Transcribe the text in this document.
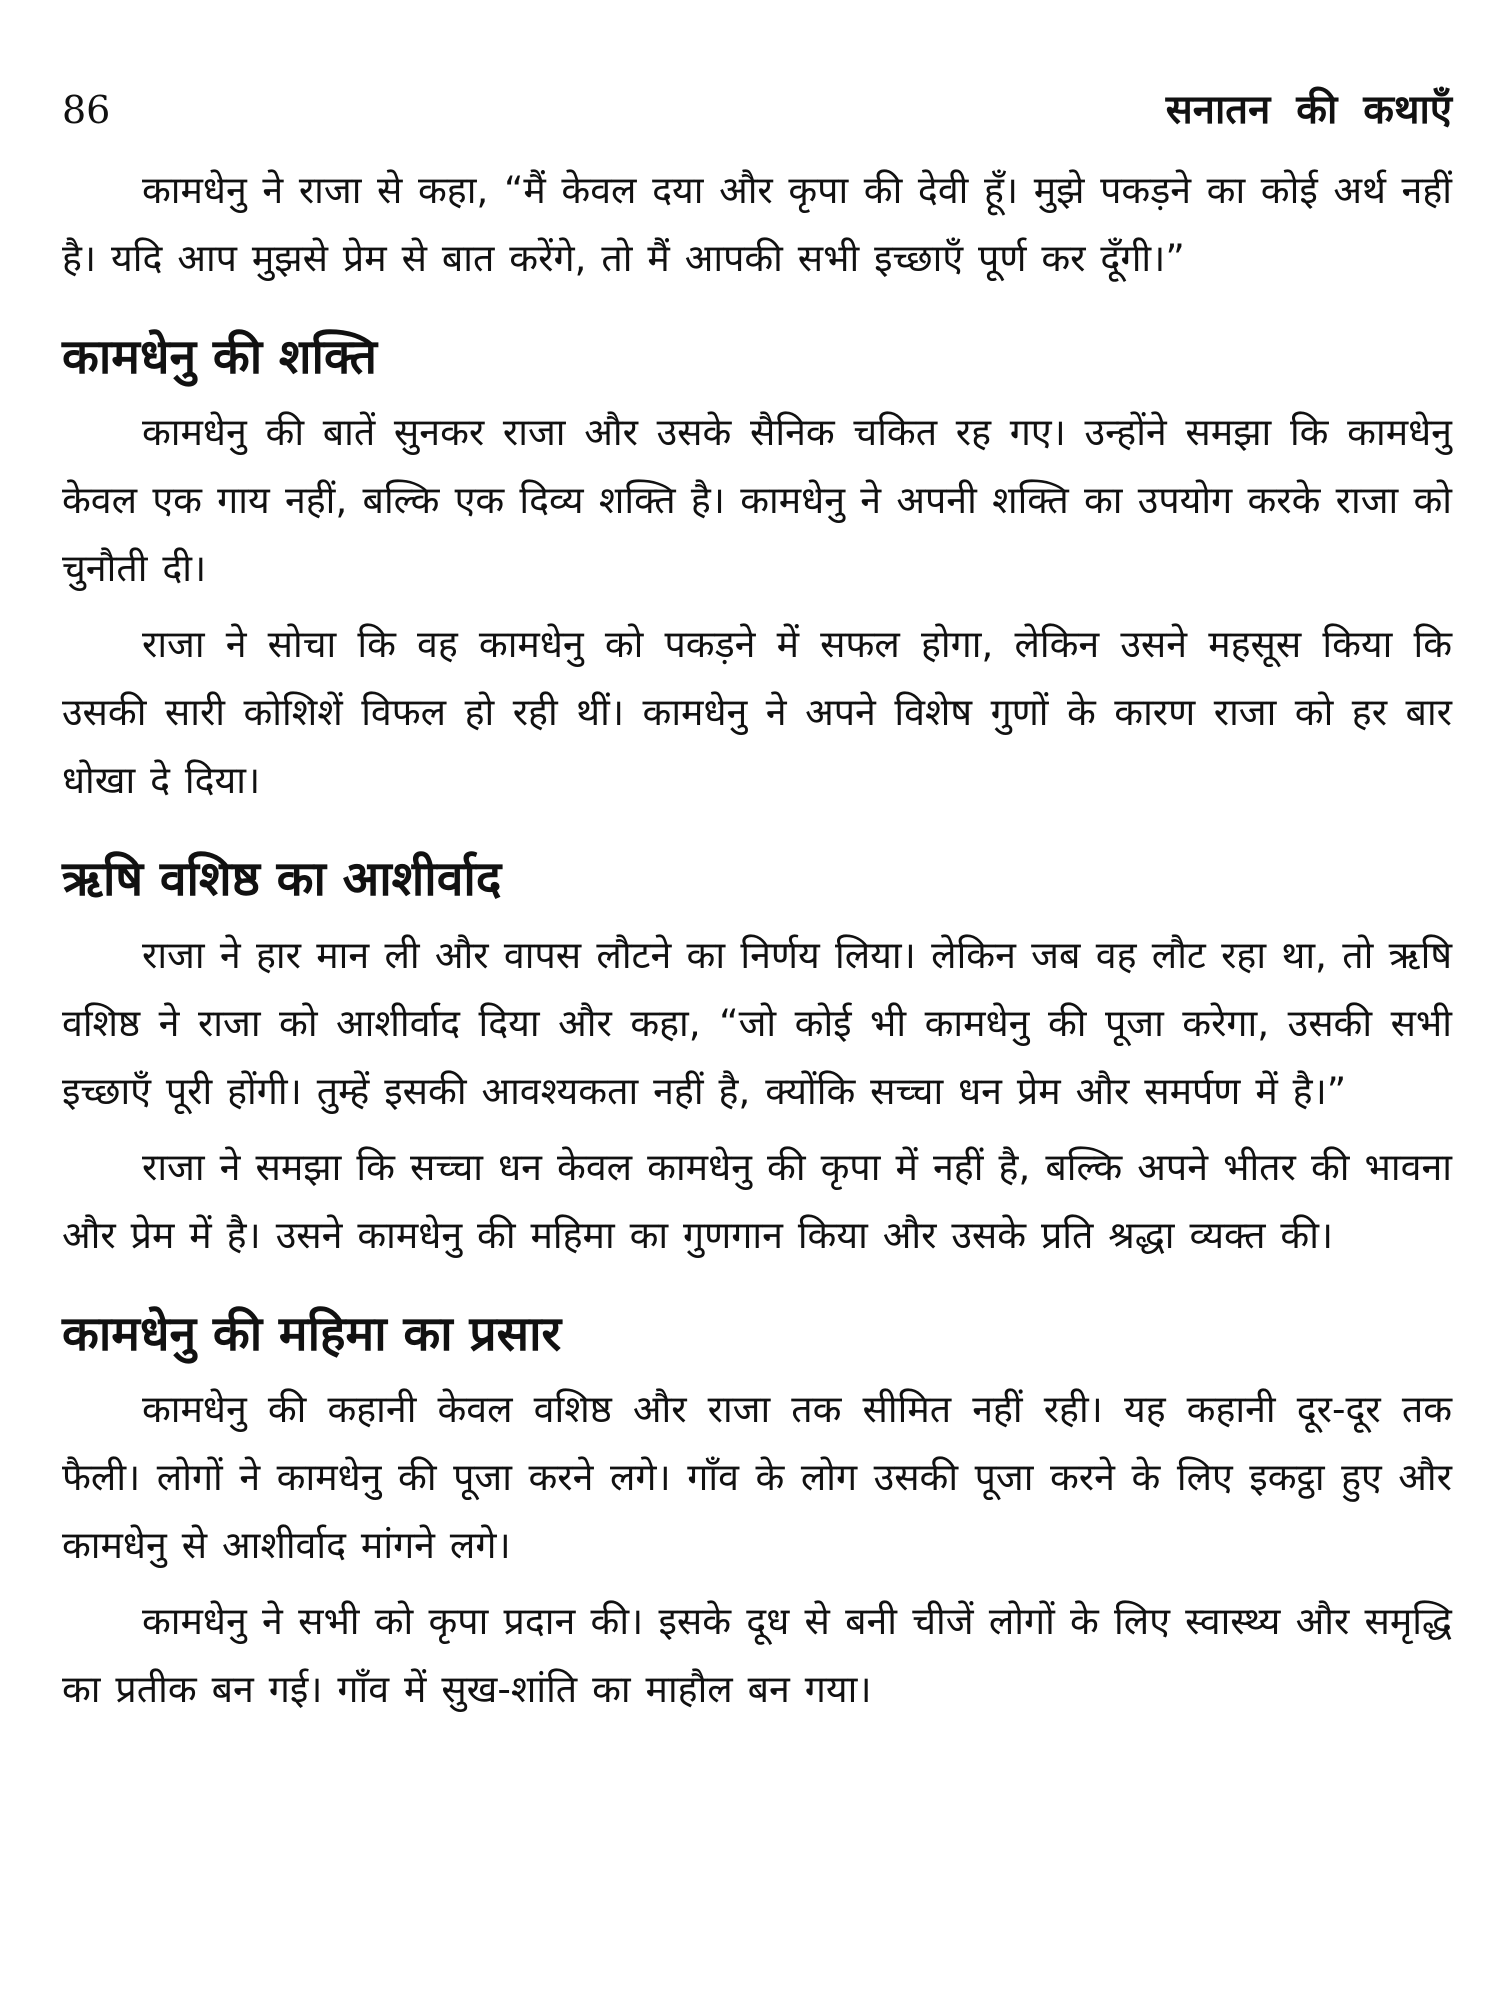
86	सनातन की कथाएँ

कामधेनु ने राजा से कहा, “मैं केवल दया और कृपा की देवी हूँ। मुझे पकड़ने का कोई अर्थ नहीं है। यदि आप मुझसे प्रेम से बात करेंगे, तो मैं आपकी सभी इच्छाएँ पूर्ण कर दूँगी।”

कामधेनु की शक्ति

कामधेनु की बातें सुनकर राजा और उसके सैनिक चकित रह गए। उन्होंने समझा कि कामधेनु केवल एक गाय नहीं, बल्कि एक दिव्य शक्ति है। कामधेनु ने अपनी शक्ति का उपयोग करके राजा को चुनौती दी।

राजा ने सोचा कि वह कामधेनु को पकड़ने में सफल होगा, लेकिन उसने महसूस किया कि उसकी सारी कोशिशें विफल हो रही थीं। कामधेनु ने अपने विशेष गुणों के कारण राजा को हर बार धोखा दे दिया।

ऋषि वशिष्ठ का आशीर्वाद

राजा ने हार मान ली और वापस लौटने का निर्णय लिया। लेकिन जब वह लौट रहा था, तो ऋषि वशिष्ठ ने राजा को आशीर्वाद दिया और कहा, “जो कोई भी कामधेनु की पूजा करेगा, उसकी सभी इच्छाएँ पूरी होंगी। तुम्हें इसकी आवश्यकता नहीं है, क्योंकि सच्चा धन प्रेम और समर्पण में है।”

राजा ने समझा कि सच्चा धन केवल कामधेनु की कृपा में नहीं है, बल्कि अपने भीतर की भावना और प्रेम में है। उसने कामधेनु की महिमा का गुणगान किया और उसके प्रति श्रद्धा व्यक्त की।

कामधेनु की महिमा का प्रसार

कामधेनु की कहानी केवल वशिष्ठ और राजा तक सीमित नहीं रही। यह कहानी दूर-दूर तक फैली। लोगों ने कामधेनु की पूजा करने लगे। गाँव के लोग उसकी पूजा करने के लिए इकट्ठा हुए और कामधेनु से आशीर्वाद मांगने लगे।

कामधेनु ने सभी को कृपा प्रदान की। इसके दूध से बनी चीजें लोगों के लिए स्वास्थ्य और समृद्धि का प्रतीक बन गई। गाँव में सुख-शांति का माहौल बन गया।
